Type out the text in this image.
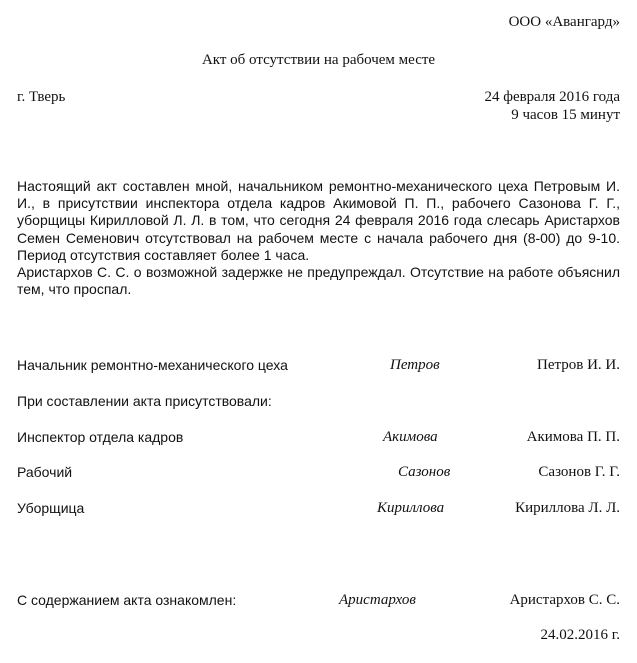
ООО «Авангард»
Акт об отсутствии на рабочем месте
г. Тверь	24 февраля 2016 года
9 часов 15 минут

Настоящий акт составлен мной, начальником ремонтно-механического цеха Петровым И. И., в присутствии инспектора отдела кадров Акимовой П. П., рабочего Сазонова Г. Г., уборщицы Кирилловой Л. Л. в том, что сегодня 24 февраля 2016 года слесарь Аристархов Семен Семенович отсутствовал на рабочем месте с начала рабочего дня (8-00) до 9-10. Период отсутствия составляет более 1 часа.

Аристархов С. С. о возможной задержке не предупреждал. Отсутствие на работе объяснил тем, что проспал.

Начальник ремонтно-механического цеха	Петров	Петров И. И.
При составлении акта присутствовали:
Инспектор отдела кадров	Акимова	Акимова П. П.
Рабочий	Сазонов	Сазонов Г. Г.
Уборщица	Кириллова	Кириллова Л. Л.
С содержанием акта ознакомлен:	Аристархов	Аристархов С. С.
24.02.2016 г.
